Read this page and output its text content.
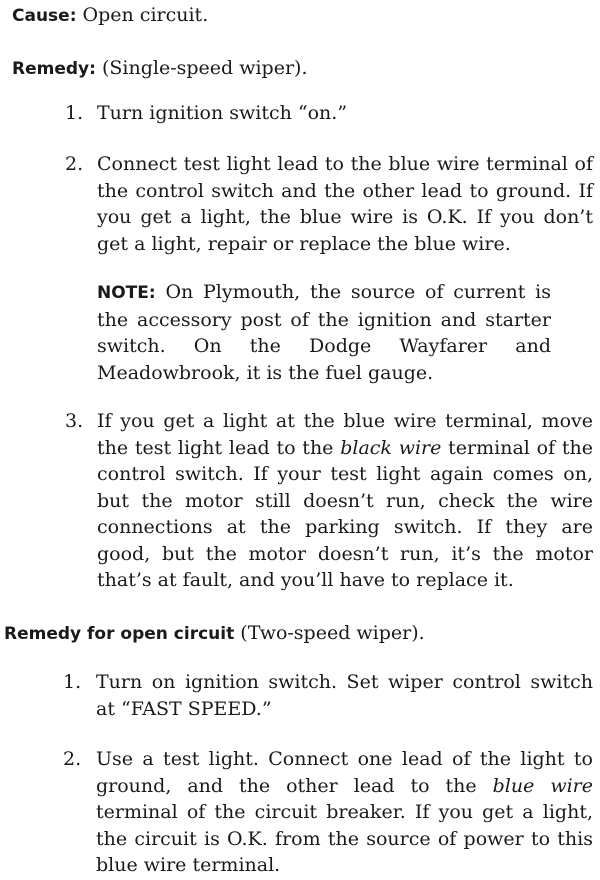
Cause: Open circuit.
Remedy: (Single-speed wiper).
1. Turn ignition switch “on.”
2. Connect test light lead to the blue wire terminal of the control switch and the other lead to ground. If you get a light, the blue wire is O.K. If you don’t get a light, repair or replace the blue wire.
NOTE: On Plymouth, the source of current is the accessory post of the ignition and starter switch. On the Dodge Wayfarer and Meadowbrook, it is the fuel gauge.
3. If you get a light at the blue wire terminal, move the test light lead to the black wire terminal of the control switch. If your test light again comes on, but the motor still doesn’t run, check the wire connections at the parking switch. If they are good, but the motor doesn’t run, it’s the motor that’s at fault, and you’ll have to replace it.
Remedy for open circuit (Two-speed wiper).
1. Turn on ignition switch. Set wiper control switch at “FAST SPEED.”
2. Use a test light. Connect one lead of the light to ground, and the other lead to the blue wire terminal of the circuit breaker. If you get a light, the circuit is O.K. from the source of power to this blue wire terminal.
